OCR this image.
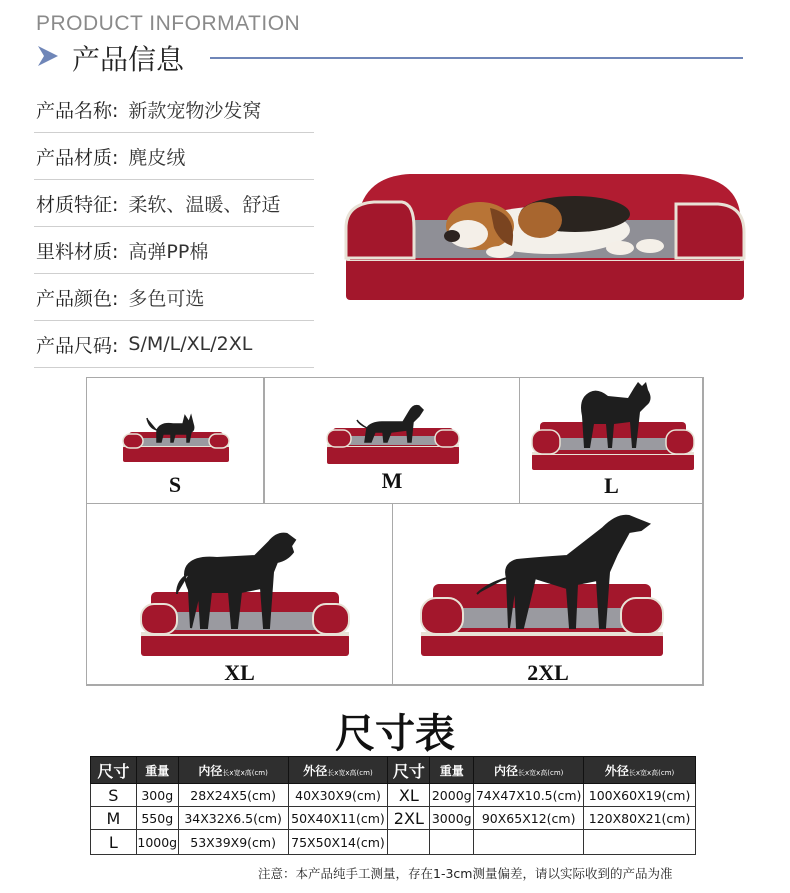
PRODUCT INFORMATION
产品信息
产品名称: 新款宠物沙发窝
产品材质: 麂皮绒
材质特征: 柔软、温暖、舒适
里料材质: 高弹PP棉
产品颜色: 多色可选
产品尺码: S/M/L/XL/2XL
S	M	L
XL	2XL
尺寸表
尺寸	重量	内径长x宽x高(cm)	外径长x宽x高(cm)	尺寸	重量	内径长x宽x高(cm)	外径长x宽x高(cm)
S	300g	28X24X5(cm)	40X30X9(cm)	XL	2000g	74X47X10.5(cm)	100X60X19(cm)
M	550g	34X32X6.5(cm)	50X40X11(cm)	2XL	3000g	90X65X12(cm)	120X80X21(cm)
L	1000g	53X39X9(cm)	75X50X14(cm)				
注意：本产品纯手工测量，存在1-3cm测量偏差，请以实际收到的产品为准
